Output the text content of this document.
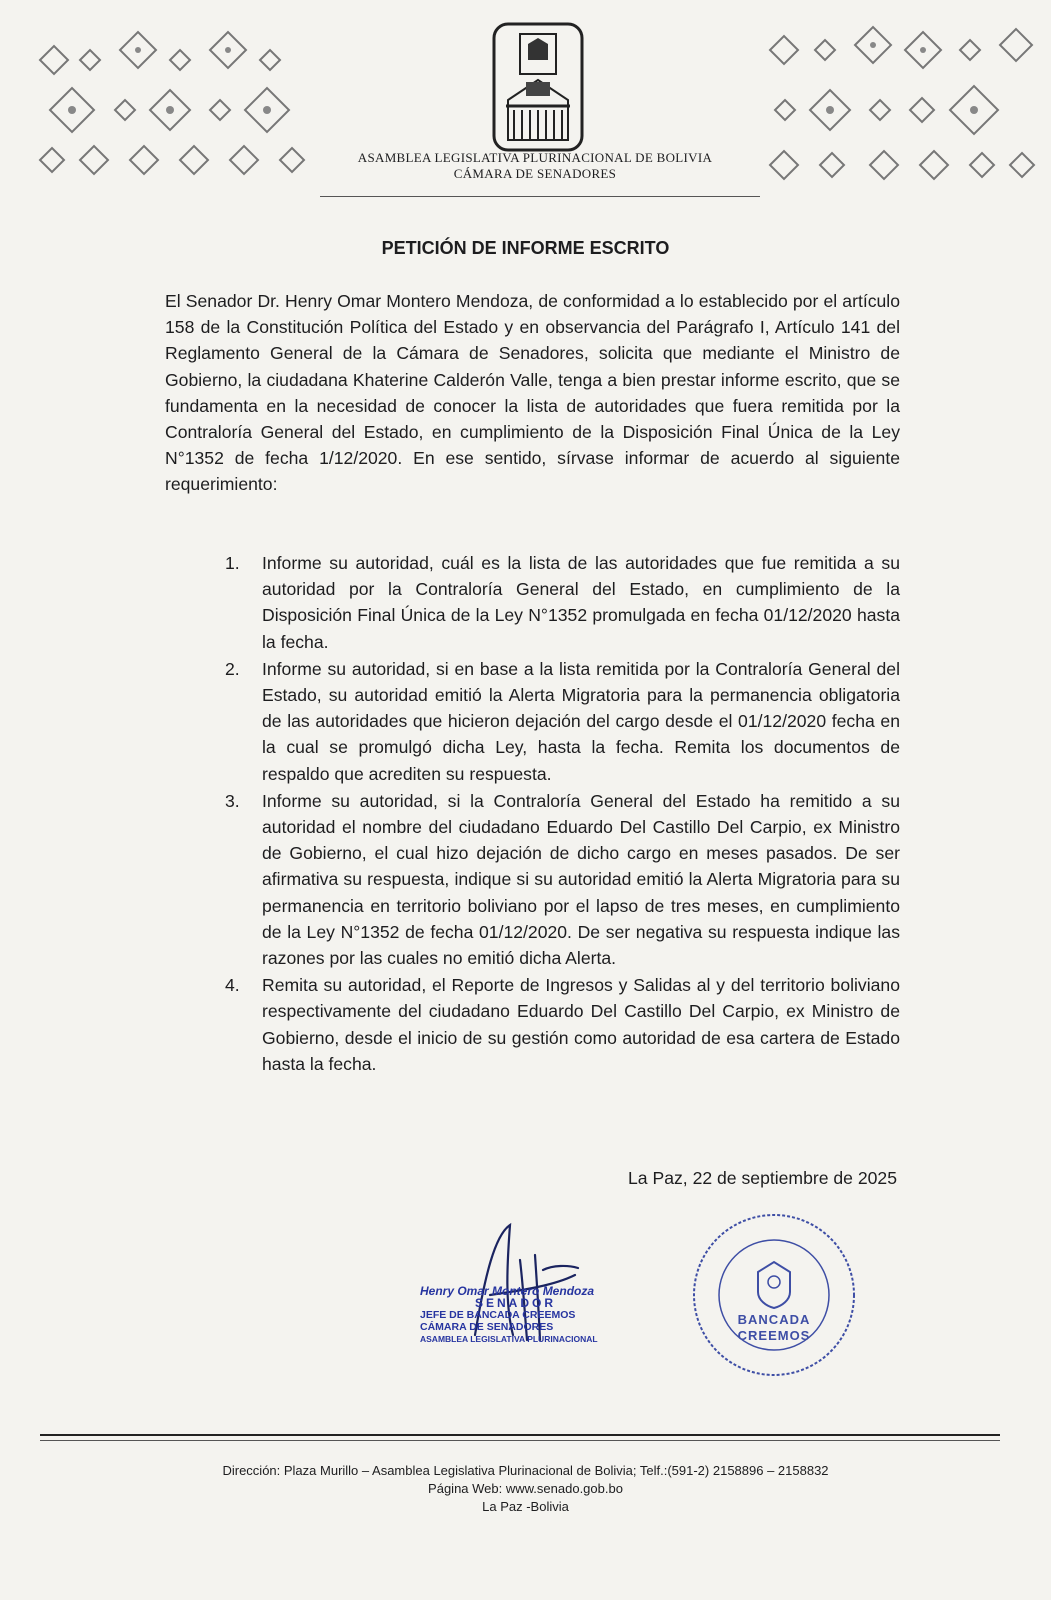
ASAMBLEA LEGISLATIVA PLURINACIONAL DE BOLIVIA
CÁMARA DE SENADORES
PETICIÓN DE INFORME ESCRITO
El Senador Dr. Henry Omar Montero Mendoza, de conformidad a lo establecido por el artículo 158 de la Constitución Política del Estado y en observancia del Parágrafo I, Artículo 141 del Reglamento General de la Cámara de Senadores, solicita que mediante el Ministro de Gobierno, la ciudadana Khaterine Calderón Valle, tenga a bien prestar informe escrito, que se fundamenta en la necesidad de conocer la lista de autoridades que fuera remitida por la Contraloría General del Estado, en cumplimiento de la Disposición Final Única de la Ley N°1352 de fecha 1/12/2020. En ese sentido, sírvase informar de acuerdo al siguiente requerimiento:
1. Informe su autoridad, cuál es la lista de las autoridades que fue remitida a su autoridad por la Contraloría General del Estado, en cumplimiento de la Disposición Final Única de la Ley N°1352 promulgada en fecha 01/12/2020 hasta la fecha.
2. Informe su autoridad, si en base a la lista remitida por la Contraloría General del Estado, su autoridad emitió la Alerta Migratoria para la permanencia obligatoria de las autoridades que hicieron dejación del cargo desde el 01/12/2020 fecha en la cual se promulgó dicha Ley, hasta la fecha. Remita los documentos de respaldo que acrediten su respuesta.
3. Informe su autoridad, si la Contraloría General del Estado ha remitido a su autoridad el nombre del ciudadano Eduardo Del Castillo Del Carpio, ex Ministro de Gobierno, el cual hizo dejación de dicho cargo en meses pasados. De ser afirmativa su respuesta, indique si su autoridad emitió la Alerta Migratoria para su permanencia en territorio boliviano por el lapso de tres meses, en cumplimiento de la Ley N°1352 de fecha 01/12/2020. De ser negativa su respuesta indique las razones por las cuales no emitió dicha Alerta.
4. Remita su autoridad, el Reporte de Ingresos y Salidas al y del territorio boliviano respectivamente del ciudadano Eduardo Del Castillo Del Carpio, ex Ministro de Gobierno, desde el inicio de su gestión como autoridad de esa cartera de Estado hasta la fecha.
La Paz, 22 de septiembre de 2025
Henry Omar Montero Mendoza
SENADOR
JEFE DE BANCADA CREEMOS
CÁMARA DE SENADORES
ASAMBLEA LEGISLATIVA PLURINACIONAL
BANCADA
CREEMOS
Dirección: Plaza Murillo – Asamblea Legislativa Plurinacional de Bolivia; Telf.:(591-2) 2158896 – 2158832
Página Web: www.senado.gob.bo
La Paz -Bolivia
